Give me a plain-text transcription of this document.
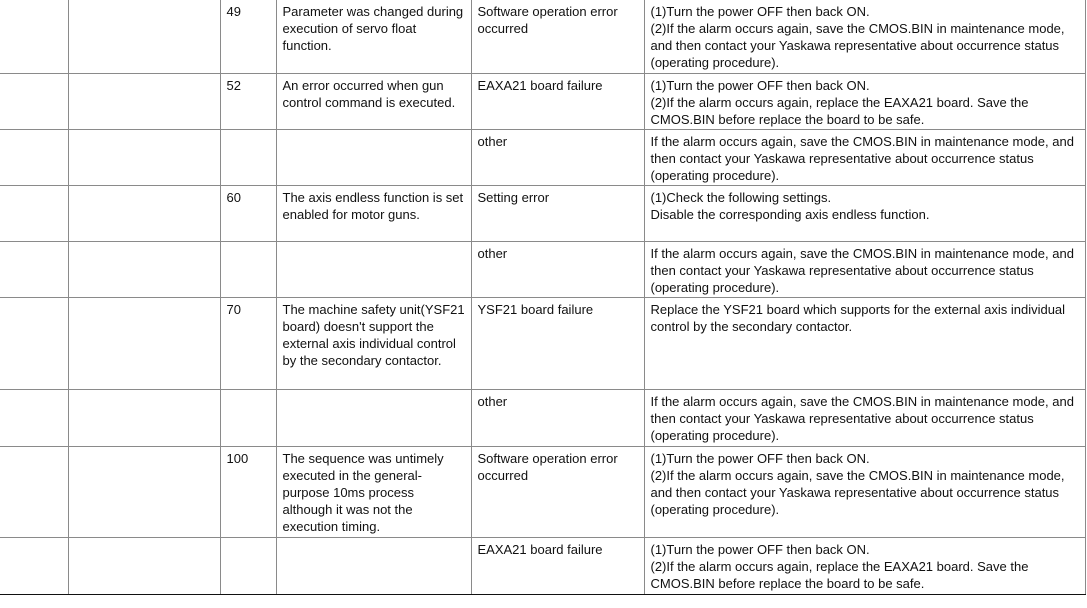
		49	Parameter was changed during execution of servo float function.	Software operation error occurred	(1)Turn the power OFF then back ON.
(2)If the alarm occurs again, save the CMOS.BIN in maintenance mode, and then contact your Yaskawa representative about occurrence status (operating procedure).
		52	An error occurred when gun control command is executed.	EAXA21 board failure	(1)Turn the power OFF then back ON.
(2)If the alarm occurs again, replace the EAXA21 board. Save the CMOS.BIN before replace the board to be safe.
				other	If the alarm occurs again, save the CMOS.BIN in maintenance mode, and then contact your Yaskawa representative about occurrence status (operating procedure).
		60	The axis endless function is set enabled for motor guns.	Setting error	(1)Check the following settings.
Disable the corresponding axis endless function.
				other	If the alarm occurs again, save the CMOS.BIN in maintenance mode, and then contact your Yaskawa representative about occurrence status (operating procedure).
		70	The machine safety unit(YSF21 board) doesn't support the external axis individual control by the secondary contactor.	YSF21 board failure	Replace the YSF21 board which supports for the external axis individual control by the secondary contactor.
				other	If the alarm occurs again, save the CMOS.BIN in maintenance mode, and then contact your Yaskawa representative about occurrence status (operating procedure).
		100	The sequence was untimely executed in the general-purpose 10ms process although it was not the execution timing.	Software operation error occurred	(1)Turn the power OFF then back ON.
(2)If the alarm occurs again, save the CMOS.BIN in maintenance mode, and then contact your Yaskawa representative about occurrence status (operating procedure).
				EAXA21 board failure	(1)Turn the power OFF then back ON.
(2)If the alarm occurs again, replace the EAXA21 board. Save the CMOS.BIN before replace the board to be safe.
